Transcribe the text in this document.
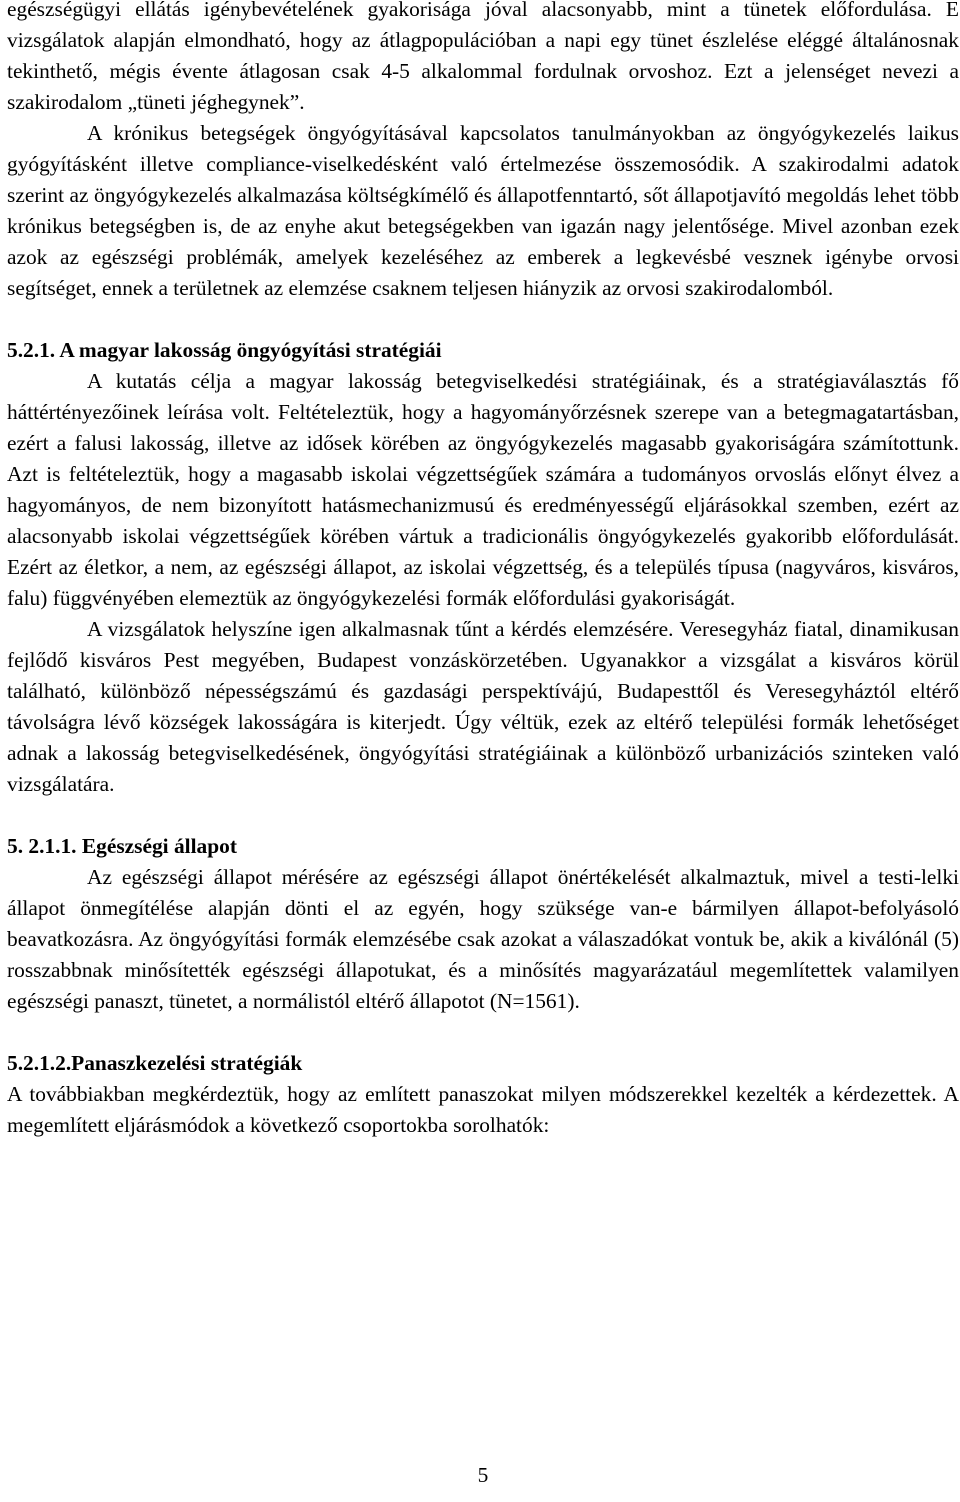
egészségügyi ellátás igénybevételének gyakorisága jóval alacsonyabb, mint a tünetek előfordulása. E vizsgálatok alapján elmondható, hogy az átlagpopulációban a napi egy tünet észlelése eléggé általánosnak tekinthető, mégis évente átlagosan csak 4-5 alkalommal fordulnak orvoshoz. Ezt a jelenséget nevezi a szakirodalom „tüneti jéghegynek”.

A krónikus betegségek öngyógyításával kapcsolatos tanulmányokban az öngyógykezelés laikus gyógyításként illetve compliance-viselkedésként való értelmezése összemosódik. A szakirodalmi adatok szerint az öngyógykezelés alkalmazása költségkímélő és állapotfenntartó, sőt állapotjavító megoldás lehet több krónikus betegségben is, de az enyhe akut betegségekben van igazán nagy jelentősége. Mivel azonban ezek azok az egészségi problémák, amelyek kezeléséhez az emberek a legkevésbé vesznek igénybe orvosi segítséget, ennek a területnek az elemzése csaknem teljesen hiányzik az orvosi szakirodalomból.

5.2.1. A magyar lakosság öngyógyítási stratégiái

A kutatás célja a magyar lakosság betegviselkedési stratégiáinak, és a stratégiaválasztás fő háttértényezőinek leírása volt. Feltételeztük, hogy a hagyományőrzésnek szerepe van a betegmagatartásban, ezért a falusi lakosság, illetve az idősek körében az öngyógykezelés magasabb gyakoriságára számítottunk. Azt is feltételeztük, hogy a magasabb iskolai végzettségűek számára a tudományos orvoslás előnyt élvez a hagyományos, de nem bizonyított hatásmechanizmusú és eredményességű eljárásokkal szemben, ezért az alacsonyabb iskolai végzettségűek körében vártuk a tradicionális öngyógykezelés gyakoribb előfordulását. Ezért az életkor, a nem, az egészségi állapot, az iskolai végzettség, és a település típusa (nagyváros, kisváros, falu) függvényében elemeztük az öngyógykezelési formák előfordulási gyakoriságát.

A vizsgálatok helyszíne igen alkalmasnak tűnt a kérdés elemzésére. Veresegyház fiatal, dinamikusan fejlődő kisváros Pest megyében, Budapest vonzáskörzetében. Ugyanakkor a vizsgálat a kisváros körül található, különböző népességszámú és gazdasági perspektívájú, Budapesttől és Veresegyháztól eltérő távolságra lévő községek lakosságára is kiterjedt. Úgy véltük, ezek az eltérő települési formák lehetőséget adnak a lakosság betegviselkedésének, öngyógyítási stratégiáinak a különböző urbanizációs szinteken való vizsgálatára.

5. 2.1.1. Egészségi állapot

Az egészségi állapot mérésére az egészségi állapot önértékelését alkalmaztuk, mivel a testi-lelki állapot önmegítélése alapján dönti el az egyén, hogy szüksége van-e bármilyen állapot-befolyásoló beavatkozásra. Az öngyógyítási formák elemzésébe csak azokat a válaszadókat vontuk be, akik a kiválónál (5) rosszabbnak minősítették egészségi állapotukat, és a minősítés magyarázatául megemlítettek valamilyen egészségi panaszt, tünetet, a normálistól eltérő állapotot (N=1561).

5.2.1.2.Panaszkezelési stratégiák

A továbbiakban megkérdeztük, hogy az említett panaszokat milyen módszerekkel kezelték a kérdezettek. A megemlített eljárásmódok a következő csoportokba sorolhatók:

5
